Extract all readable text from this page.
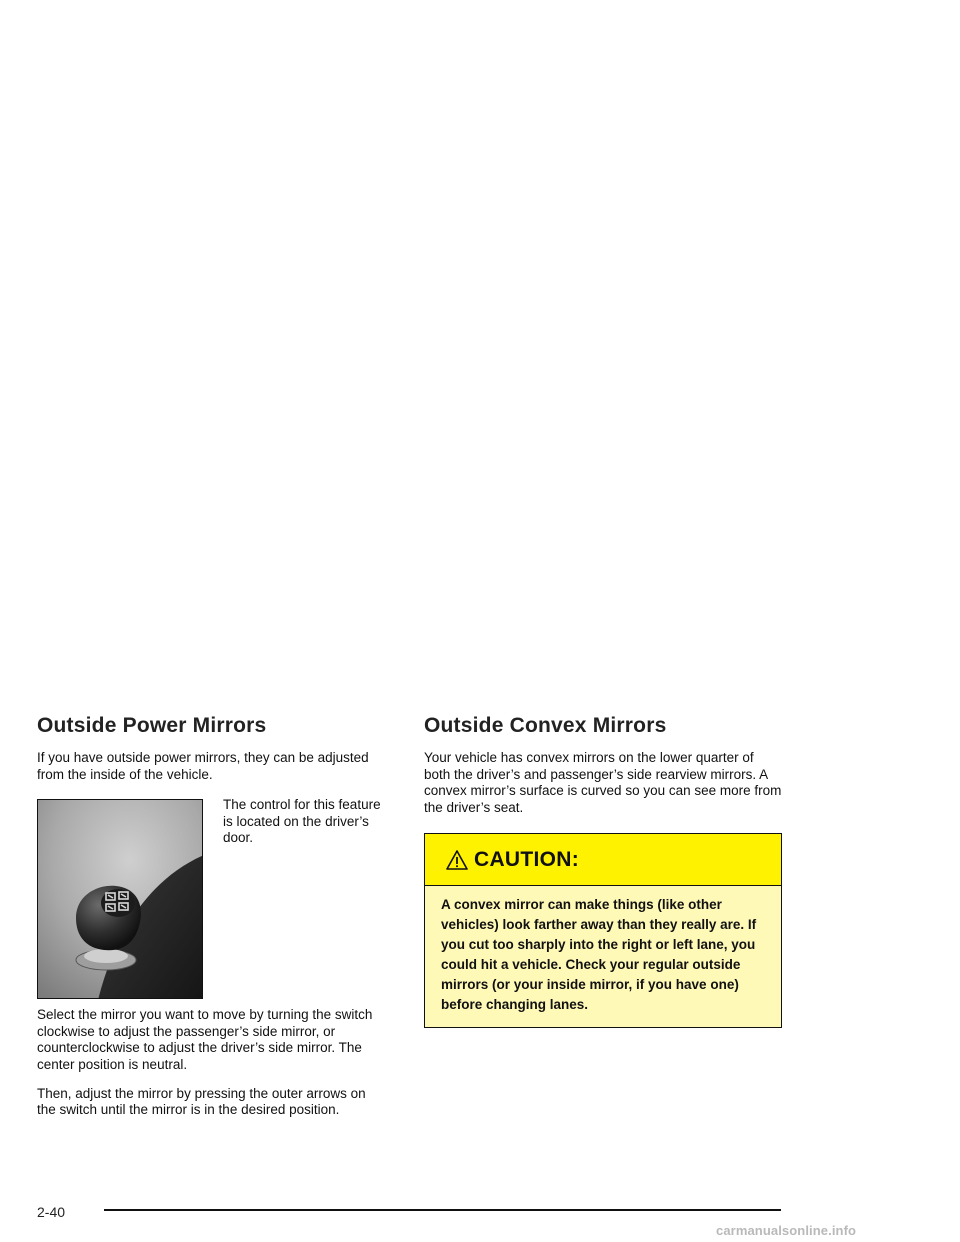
Outside Power Mirrors

If you have outside power mirrors, they can be adjusted from the inside of the vehicle.

The control for this feature is located on the driver’s door.

Select the mirror you want to move by turning the switch clockwise to adjust the passenger’s side mirror, or counterclockwise to adjust the driver’s side mirror. The center position is neutral.

Then, adjust the mirror by pressing the outer arrows on the switch until the mirror is in the desired position.

Outside Convex Mirrors

Your vehicle has convex mirrors on the lower quarter of both the driver’s and passenger’s side rearview mirrors. A convex mirror’s surface is curved so you can see more from the driver’s seat.

CAUTION:
A convex mirror can make things (like other vehicles) look farther away than they really are. If you cut too sharply into the right or left lane, you could hit a vehicle. Check your regular outside mirrors (or your inside mirror, if you have one) before changing lanes.
2-40
carmanualsonline.info
